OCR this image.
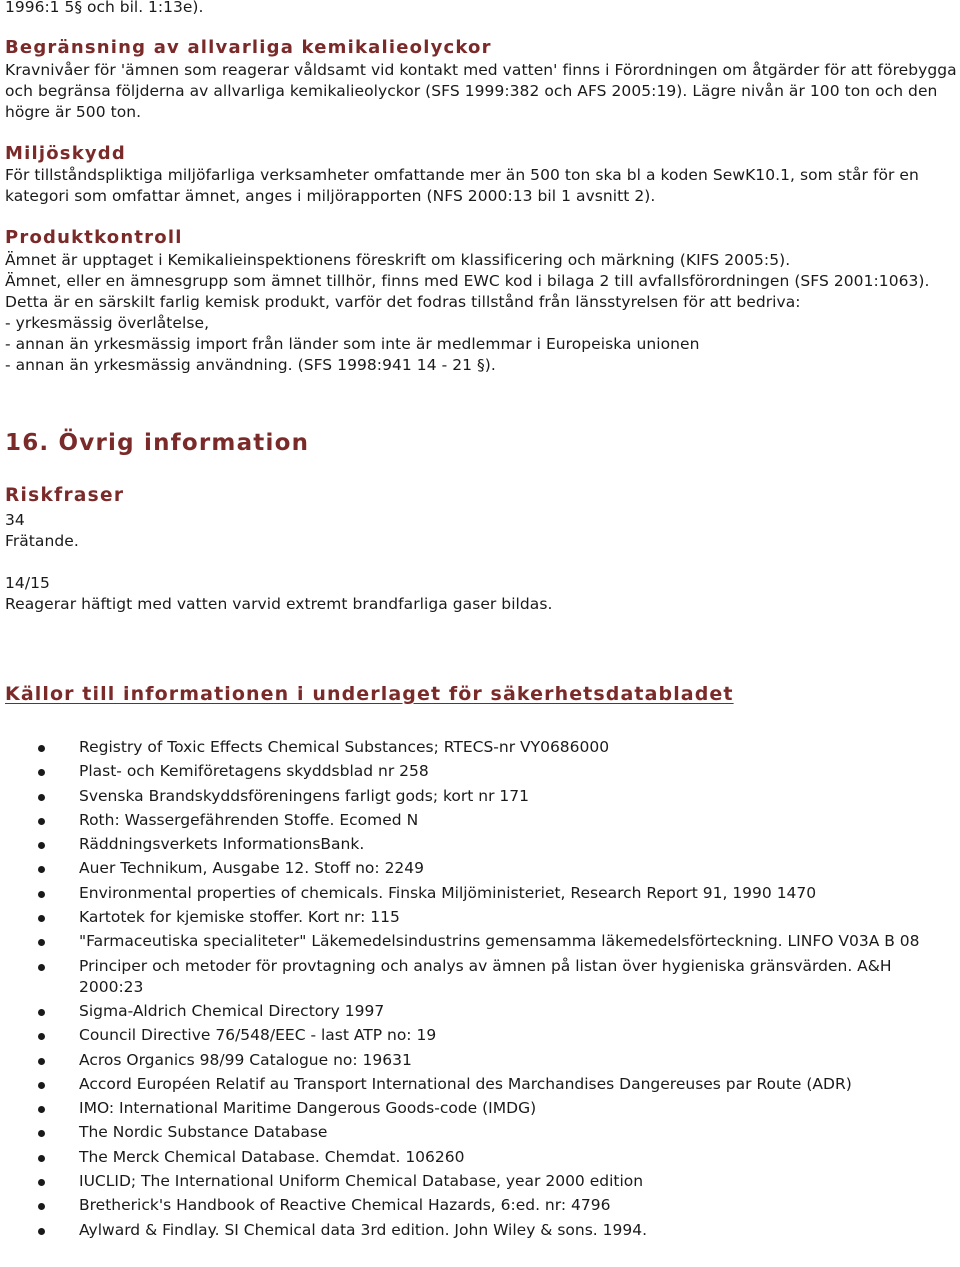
1996:1 5§ och bil. 1:13e).

Begränsning av allvarliga kemikalieolyckor

Kravnivåer för 'ämnen som reagerar våldsamt vid kontakt med vatten' finns i Förordningen om åtgärder för att förebygga och begränsa följderna av allvarliga kemikalieolyckor (SFS 1999:382 och AFS 2005:19). Lägre nivån är 100 ton och den högre är 500 ton.

Miljöskydd

För tillståndspliktiga miljöfarliga verksamheter omfattande mer än 500 ton ska bl a koden SewK10.1, som står för en kategori som omfattar ämnet, anges i miljörapporten (NFS 2000:13 bil 1 avsnitt 2).

Produktkontroll

Ämnet är upptaget i Kemikalieinspektionens föreskrift om klassificering och märkning (KIFS 2005:5).

Ämnet, eller en ämnesgrupp som ämnet tillhör, finns med EWC kod i bilaga 2 till avfallsförordningen (SFS 2001:1063).

Detta är en särskilt farlig kemisk produkt, varför det fodras tillstånd från länsstyrelsen för att bedriva:

- yrkesmässig överlåtelse,

- annan än yrkesmässig import från länder som inte är medlemmar i Europeiska unionen

- annan än yrkesmässig användning. (SFS 1998:941 14 - 21 §).

16. Övrig information
Riskfraser

34

Frätande.

14/15

Reagerar häftigt med vatten varvid extremt brandfarliga gaser bildas.

Källor till informationen i underlaget för säkerhetsdatabladet
Registry of Toxic Effects Chemical Substances; RTECS-nr VY0686000
Plast- och Kemiföretagens skyddsblad nr 258
Svenska Brandskyddsföreningens farligt gods; kort nr 171
Roth: Wassergefährenden Stoffe. Ecomed N
Räddningsverkets InformationsBank.
Auer Technikum, Ausgabe 12. Stoff no: 2249
Environmental properties of chemicals. Finska Miljöministeriet, Research Report 91, 1990 1470
Kartotek for kjemiske stoffer. Kort nr: 115
"Farmaceutiska specialiteter" Läkemedelsindustrins gemensamma läkemedelsförteckning. LINFO V03A B 08
Principer och metoder för provtagning och analys av ämnen på listan över hygieniska gränsvärden. A&H 2000:23
Sigma-Aldrich Chemical Directory 1997
Council Directive 76/548/EEC - last ATP no: 19
Acros Organics 98/99 Catalogue no: 19631
Accord Européen Relatif au Transport International des Marchandises Dangereuses par Route (ADR)
IMO: International Maritime Dangerous Goods-code (IMDG)
The Nordic Substance Database
The Merck Chemical Database. Chemdat. 106260
IUCLID; The International Uniform Chemical Database, year 2000 edition
Bretherick's Handbook of Reactive Chemical Hazards, 6:ed. nr: 4796
Aylward & Findlay. SI Chemical data 3rd edition. John Wiley & sons. 1994.
